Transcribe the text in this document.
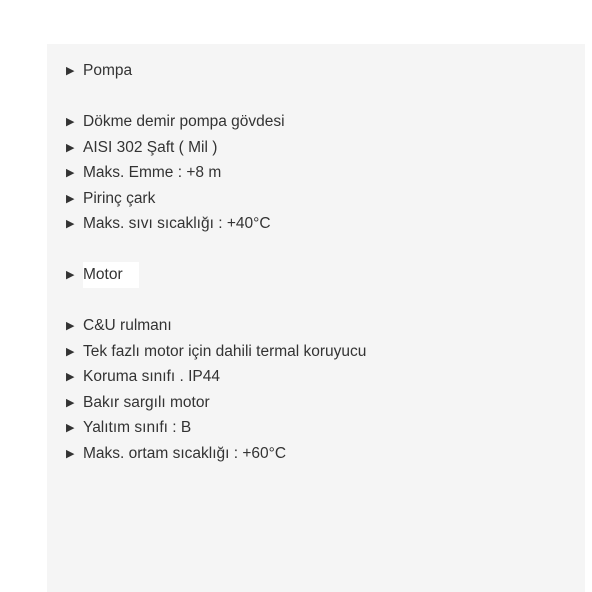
▶ Pompa
▶ Dökme demir pompa gövdesi
▶ AISI 302 Şaft ( Mil )
▶ Maks. Emme : +8 m
▶ Pirinç çark
▶ Maks. sıvı sıcaklığı : +40°C
▶ Motor
▶ C&U rulmanı
▶ Tek fazlı motor için dahili termal koruyucu
▶ Koruma sınıfı . IP44
▶ Bakır sargılı motor
▶ Yalıtım sınıfı : B
▶ Maks. ortam sıcaklığı : +60°C
